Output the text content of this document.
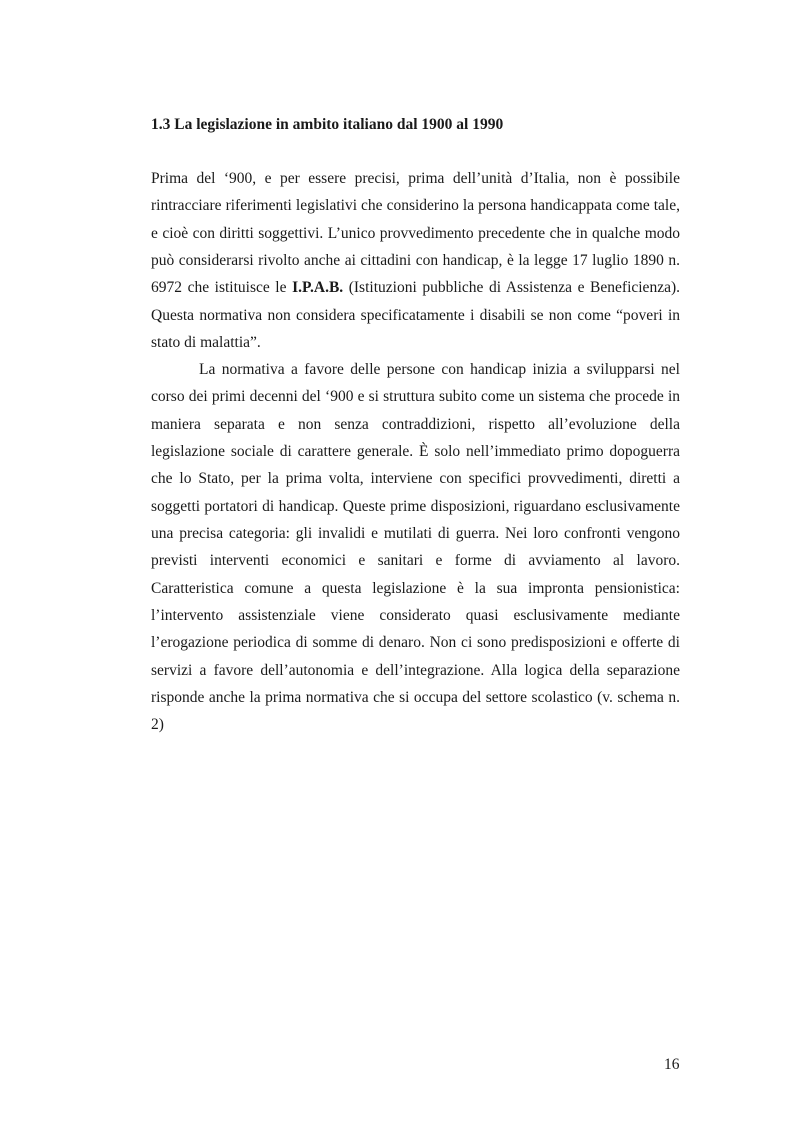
1.3 La legislazione in ambito italiano dal 1900 al 1990

Prima del ‘900, e per essere precisi, prima dell’unità d’Italia, non è possibile rintracciare riferimenti legislativi che considerino la persona handicappata come tale, e cioè con diritti soggettivi. L’unico provvedimento precedente che in qualche modo può considerarsi rivolto anche ai cittadini con handicap, è la legge 17 luglio 1890 n. 6972 che istituisce le I.P.A.B. (Istituzioni pubbliche di Assistenza e Beneficienza). Questa normativa non considera specificatamente i disabili se non come “poveri in stato di malattia”.

La normativa a favore delle persone con handicap inizia a svilupparsi nel corso dei primi decenni del ‘900 e si struttura subito come un sistema che procede in maniera separata e non senza contraddizioni, rispetto all’evoluzione della legislazione sociale di carattere generale. È solo nell’immediato primo dopoguerra che lo Stato, per la prima volta, interviene con specifici provvedimenti, diretti a soggetti portatori di handicap. Queste prime disposizioni, riguardano esclusivamente una precisa categoria: gli invalidi e mutilati di guerra. Nei loro confronti vengono previsti interventi economici e sanitari e forme di avviamento al lavoro. Caratteristica comune a questa legislazione è la sua impronta pensionistica: l’intervento assistenziale viene considerato quasi esclusivamente mediante l’erogazione periodica di somme di denaro. Non ci sono predisposizioni e offerte di servizi a favore dell’autonomia e dell’integrazione. Alla logica della separazione risponde anche la prima normativa che si occupa del settore scolastico (v. schema n. 2)

16
